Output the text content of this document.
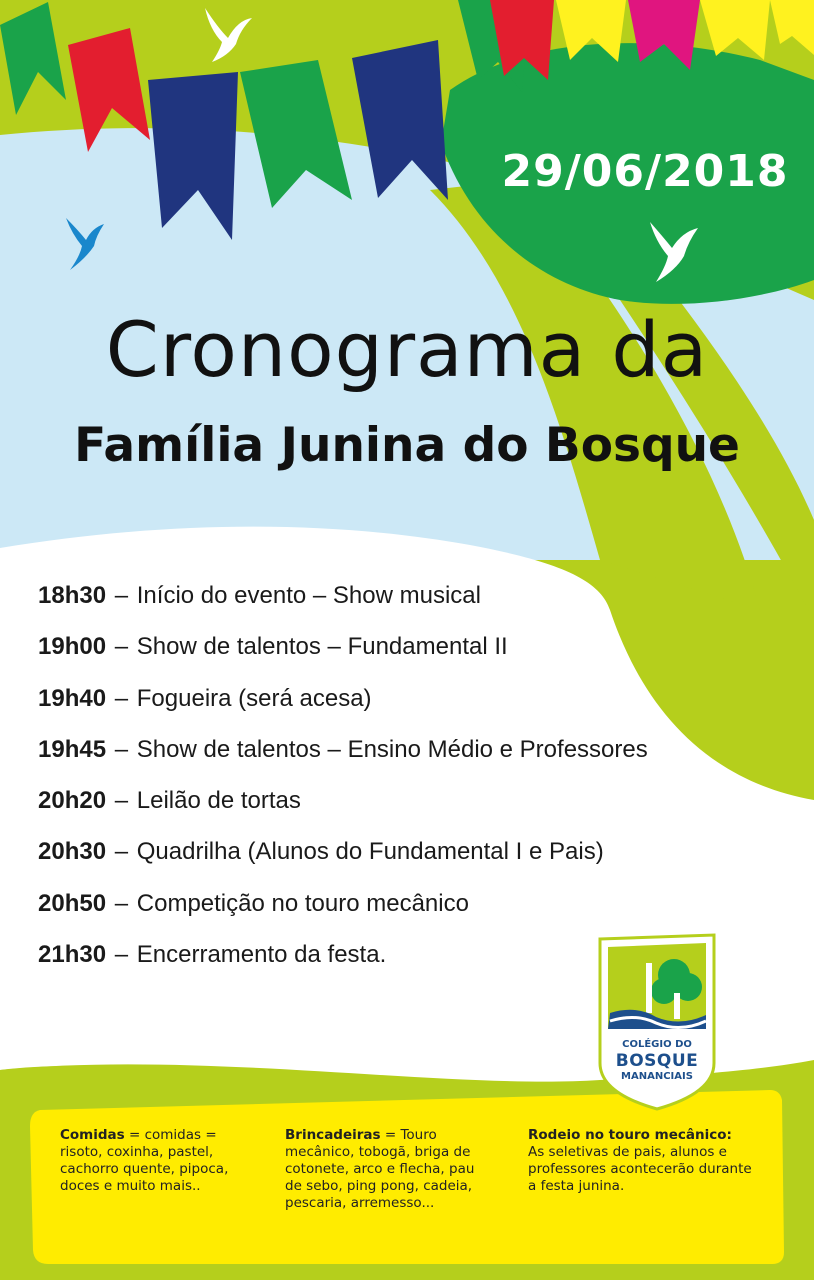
29/06/2018
Cronograma da
Família Junina do Bosque
18h30 – Início do evento – Show musical
19h00 – Show de talentos – Fundamental II
19h40 – Fogueira (será acesa)
19h45 – Show de talentos – Ensino Médio e Professores
20h20 – Leilão de tortas
20h30 – Quadrilha (Alunos do Fundamental I e Pais)
20h50 – Competição no touro mecânico
21h30 – Encerramento da festa.
COLÉGIO DO
BOSQUE
MANANCIAIS
Comidas = comidas = risoto, coxinha, pastel, cachorro quente, pipoca, doces e muito mais..
Brincadeiras = Touro mecânico, tobogã, briga de cotonete, arco e flecha, pau de sebo, ping pong, cadeia, pescaria, arremesso...
Rodeio no touro mecânico:
As seletivas de pais, alunos e professores acontecerão durante a festa junina.
